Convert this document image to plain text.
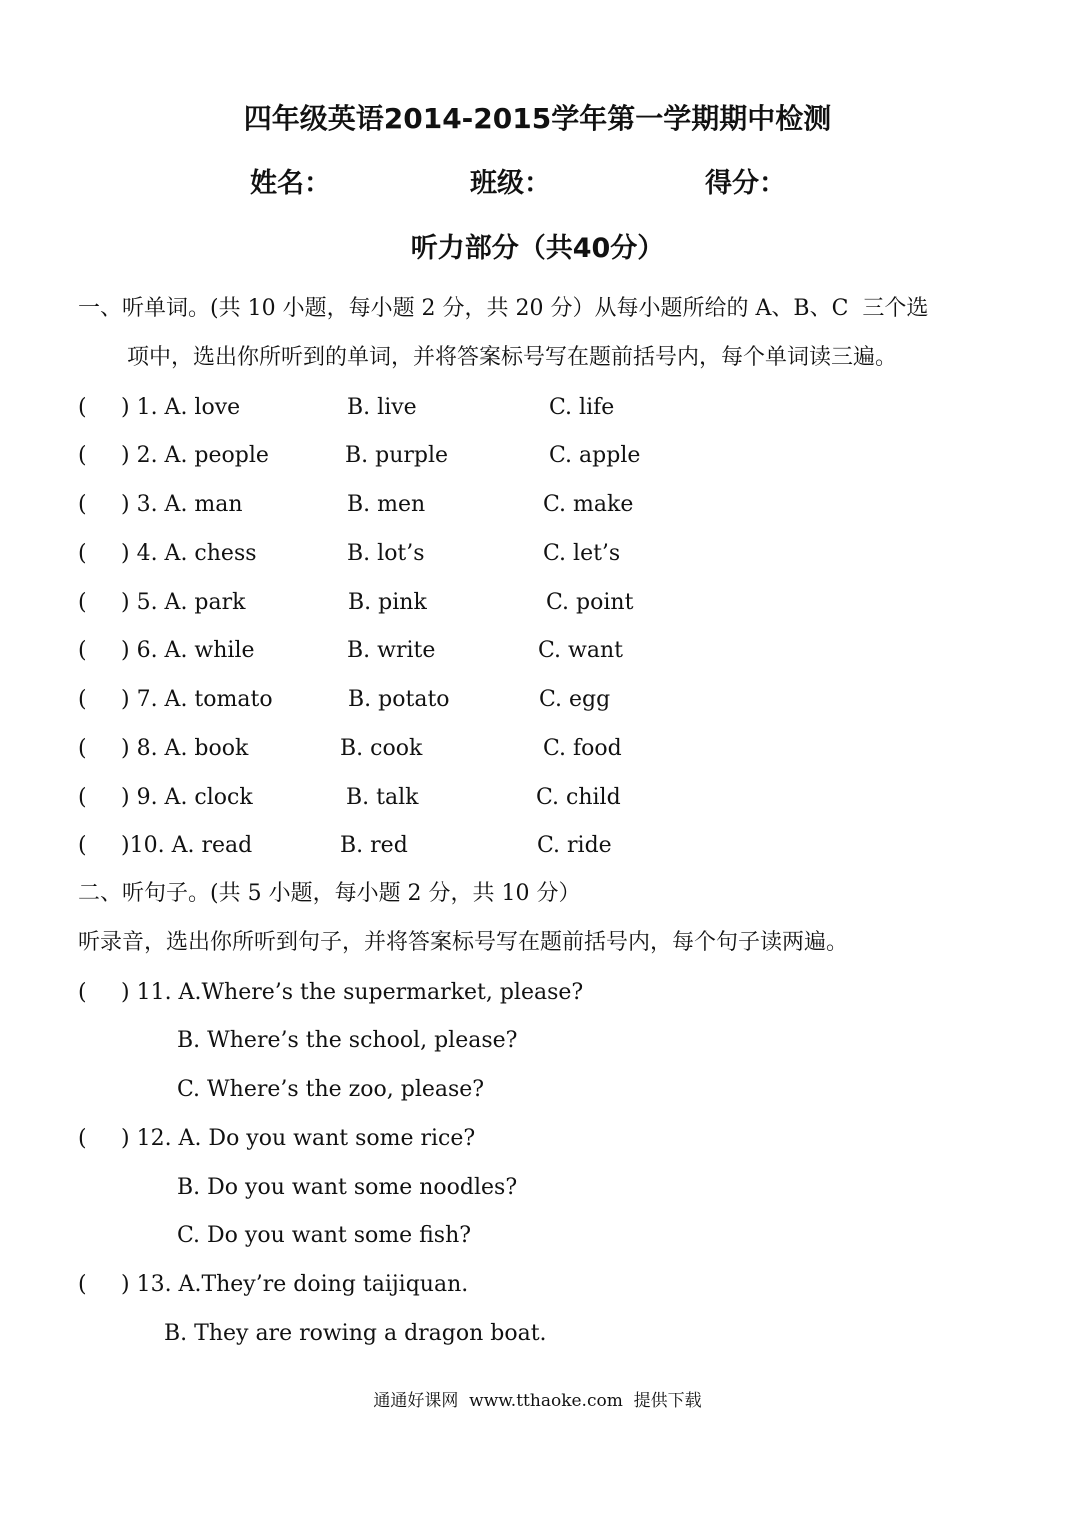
四年级英语2014-2015学年第一学期期中检测
姓名：	班级：	得分：
听力部分（共40分）
一、听单词。(共 10 小题，每小题 2 分，共 20 分）从每小题所给的 A、B、C  三个选
项中，选出你所听到的单词，并将答案标号写在题前括号内，每个单词读三遍。
( ) 1. A. love	B. live	C. life
( ) 2. A. people	B. purple	C. apple
( ) 3. A. man	B. men	C. make
( ) 4. A. chess	B. lot’s	C. let’s
( ) 5. A. park	B. pink	C. point
( ) 6. A. while	B. write	C. want
( ) 7. A. tomato	B. potato	C. egg
( ) 8. A. book	B. cook	C. food
( ) 9. A. clock	B. talk	C. child
( )10. A. read	B. red	C. ride
二、听句子。(共 5 小题，每小题 2 分，共 10 分）
听录音，选出你所听到句子，并将答案标号写在题前括号内，每个句子读两遍。
( ) 11. A.Where’s the supermarket, please?
B. Where’s the school, please?
C. Where’s the zoo, please?
( ) 12. A. Do you want some rice?
B. Do you want some noodles?
C. Do you want some fish?
( ) 13. A.They’re doing taijiquan.
B. They are rowing a dragon boat.
通通好课网  www.tthaoke.com  提供下载
